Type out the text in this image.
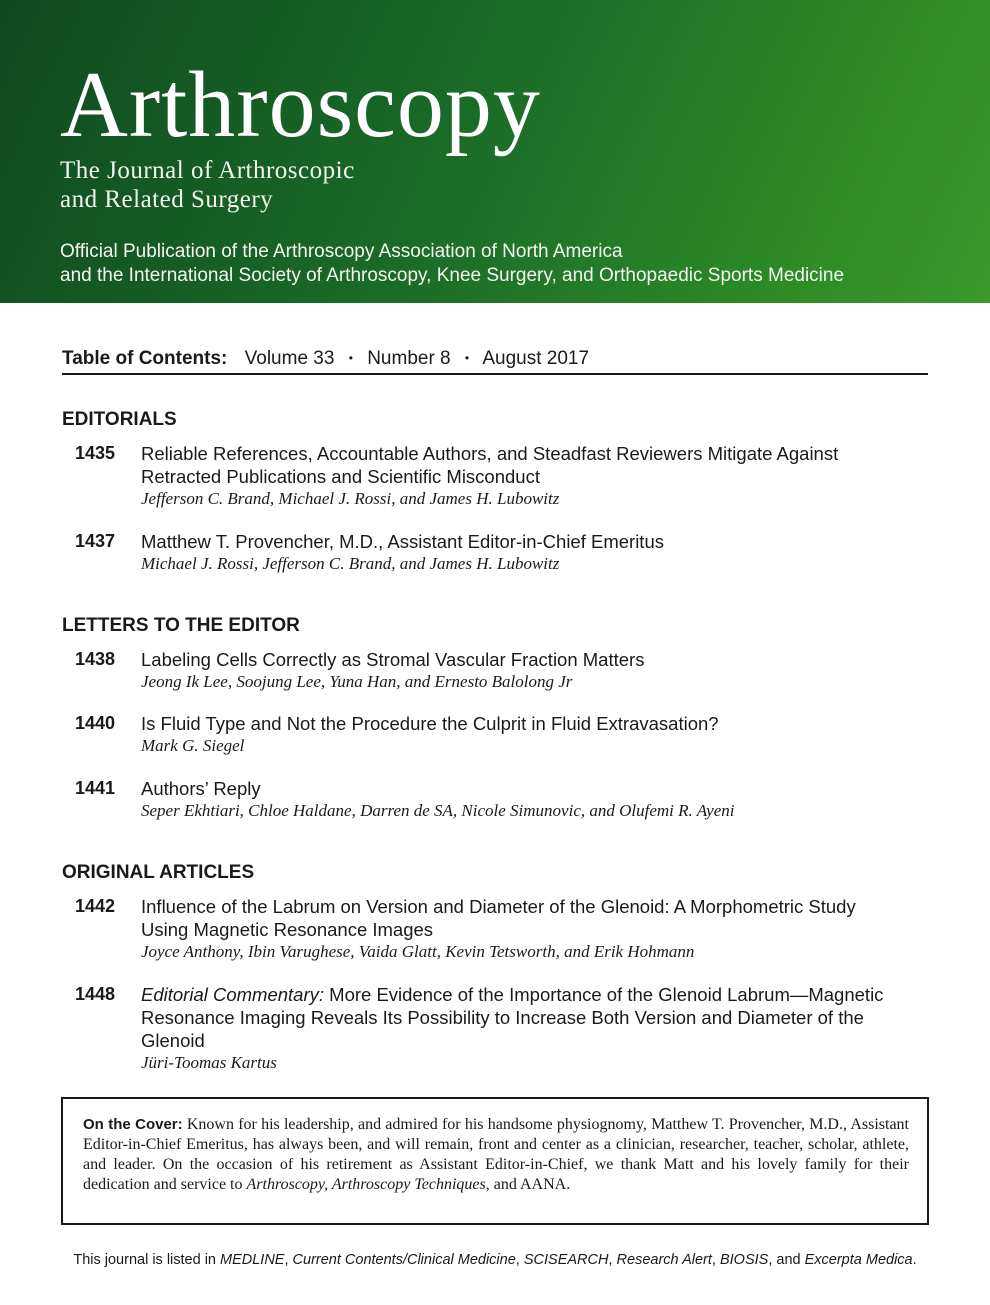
Arthroscopy
The Journal of Arthroscopic
and Related Surgery
Official Publication of the Arthroscopy Association of North America
and the International Society of Arthroscopy, Knee Surgery, and Orthopaedic Sports Medicine
Table of Contents: Volume 33 • Number 8 • August 2017
EDITORIALS
1435 Reliable References, Accountable Authors, and Steadfast Reviewers Mitigate Against
Retracted Publications and Scientific Misconduct
Jefferson C. Brand, Michael J. Rossi, and James H. Lubowitz
1437 Matthew T. Provencher, M.D., Assistant Editor-in-Chief Emeritus
Michael J. Rossi, Jefferson C. Brand, and James H. Lubowitz
LETTERS TO THE EDITOR
1438 Labeling Cells Correctly as Stromal Vascular Fraction Matters
Jeong Ik Lee, Soojung Lee, Yuna Han, and Ernesto Balolong Jr
1440 Is Fluid Type and Not the Procedure the Culprit in Fluid Extravasation?
Mark G. Siegel
1441 Authors’ Reply
Seper Ekhtiari, Chloe Haldane, Darren de SA, Nicole Simunovic, and Olufemi R. Ayeni
ORIGINAL ARTICLES
1442 Influence of the Labrum on Version and Diameter of the Glenoid: A Morphometric Study
Using Magnetic Resonance Images
Joyce Anthony, Ibin Varughese, Vaida Glatt, Kevin Tetsworth, and Erik Hohmann
1448 Editorial Commentary: More Evidence of the Importance of the Glenoid Labrum—Magnetic
Resonance Imaging Reveals Its Possibility to Increase Both Version and Diameter of the
Glenoid
Jüri-Toomas Kartus
On the Cover: Known for his leadership, and admired for his handsome physiognomy, Matthew T. Provencher, M.D., Assistant Editor-in-Chief Emeritus, has always been, and will remain, front and center as a clinician, researcher, teacher, scholar, athlete, and leader. On the occasion of his retirement as Assistant Editor-in-Chief, we thank Matt and his lovely family for their dedication and service to Arthroscopy, Arthroscopy Techniques, and AANA.
This journal is listed in MEDLINE, Current Contents/Clinical Medicine, SCISEARCH, Research Alert, BIOSIS, and Excerpta Medica.
